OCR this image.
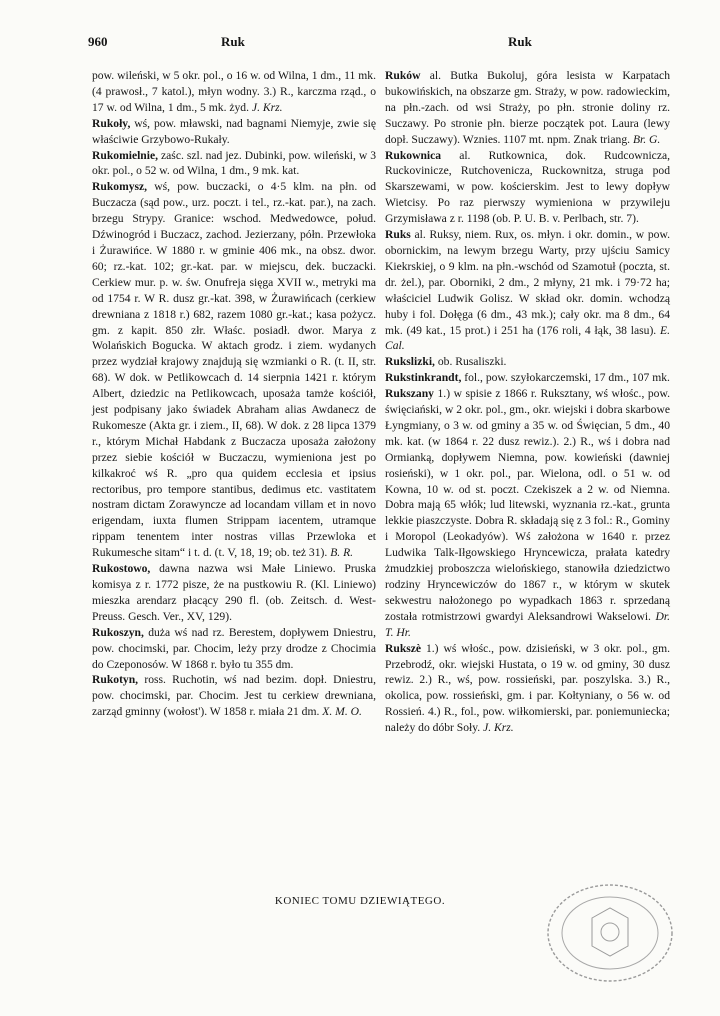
960	Ruk	Ruk

pow. wileński, w 5 okr. pol., o 16 w. od Wilna, 1 dm., 11 mk. (4 prawosł., 7 katol.), młyn wodny. 3.) R., karczma rząd., o 17 w. od Wilna, 1 dm., 5 mk. żyd. J. Krz.

Rukoły, wś, pow. mławski, nad bagnami Niemyje, zwie się właściwie Grzybowo-Rukały.

Rukomielnie, zaśc. szl. nad jez. Dubinki, pow. wileński, w 3 okr. pol., o 52 w. od Wilna, 1 dm., 9 mk. kat.

Rukomysz, wś, pow. buczacki, o 4·5 klm. na płn. od Buczacza (sąd pow., urz. poczt. i tel., rz.-kat. par.), na zach. brzegu Strypy. Granice: wschod. Medwedowce, połud. Dźwinogród i Buczacz, zachod. Jezierzany, półn. Przewłoka i Żurawińce. W 1880 r. w gminie 406 mk., na obsz. dwor. 60; rz.-kat. 102; gr.-kat. par. w miejscu, dek. buczacki. Cerkiew mur. p. w. św. Onufreja sięga XVII w., metryki ma od 1754 r. W R. dusz gr.-kat. 398, w Żurawińcach (cerkiew drewniana z 1818 r.) 682, razem 1080 gr.-kat.; kasa pożycz. gm. z kapit. 850 złr. Właśc. posiadł. dwor. Marya z Wolańskich Bogucka. W aktach grodz. i ziem. wydanych przez wydział krajowy znajdują się wzmianki o R. (t. II, str. 68). W dok. w Petlikowcach d. 14 sierpnia 1421 r. którym Albert, dziedzic na Petlikowcach, uposaża tamże kościół, jest podpisany jako świadek Abraham alias Awdanecz de Rukomesze (Akta gr. i ziem., II, 68). W dok. z 28 lipca 1379 r., którym Michał Habdank z Buczacza uposaża założony przez siebie kościół w Buczaczu, wymieniona jest po kilkakroć wś R. „pro qua quidem ecclesia et ipsius rectoribus, pro tempore stantibus, dedimus etc. vastitatem nostram dictam Zorawyncze ad locandam villam et in novo erigendam, iuxta flumen Strippam iacentem, utramque rippam tenentem inter nostras villas Przewloka et Rukumesche sitam“ i t. d. (t. V, 18, 19; ob. też 31). B. R.

Rukostowo, dawna nazwa wsi Małe Liniewo. Pruska komisya z r. 1772 pisze, że na pustkowiu R. (Kl. Liniewo) mieszka arendarz płacący 290 fl. (ob. Zeitsch. d. West-Preuss. Gesch. Ver., XV, 129).

Rukoszyn, duża wś nad rz. Berestem, dopływem Dniestru, pow. chocimski, par. Chocim, leży przy drodze z Chocimia do Czeponosów. W 1868 r. było tu 355 dm.

Rukotyn, ross. Ruchotin, wś nad bezim. dopł. Dniestru, pow. chocimski, par. Chocim. Jest tu cerkiew drewniana, zarząd gminny (wołost'). W 1858 r. miała 21 dm. X. M. O.

Ruków al. Butka Bukoluj, góra lesista w Karpatach bukowińskich, na obszarze gm. Straży, w pow. radowieckim, na płn.-zach. od wsi Straży, po płn. stronie doliny rz. Suczawy. Po stronie płn. bierze początek pot. Laura (lewy dopł. Suczawy). Wznies. 1107 mt. npm. Znak triang. Br. G.

Rukownica al. Rutkownica, dok. Rudcownicza, Ruckovinicze, Rutchovenicza, Ruckownitza, struga pod Skarszewami, w pow. kościerskim. Jest to lewy dopływ Wietcisy. Po raz pierwszy wymieniona w przywileju Grzymisława z r. 1198 (ob. P. U. B. v. Perlbach, str. 7).

Ruks al. Ruksy, niem. Rux, os. młyn. i okr. domin., w pow. obornickim, na lewym brzegu Warty, przy ujściu Samicy Kiekrskiej, o 9 klm. na płn.-wschód od Szamotuł (poczta, st. dr. żel.), par. Oborniki, 2 dm., 2 młyny, 21 mk. i 79·72 ha; właściciel Ludwik Golisz. W skład okr. domin. wchodzą huby i fol. Dołęga (6 dm., 43 mk.); cały okr. ma 8 dm., 64 mk. (49 kat., 15 prot.) i 251 ha (176 roli, 4 łąk, 38 lasu). E. Cal.

Rukslizki, ob. Rusaliszki.

Rukstinkrandt, fol., pow. szyłokarczemski, 17 dm., 107 mk.

Rukszany 1.) w spisie z 1866 r. Ruksztany, wś włośc., pow. święciański, w 2 okr. pol., gm., okr. wiejski i dobra skarbowe Łyngmiany, o 3 w. od gminy a 35 w. od Święcian, 5 dm., 40 mk. kat. (w 1864 r. 22 dusz rewiz.). 2.) R., wś i dobra nad Ormianką, dopływem Niemna, pow. kowieński (dawniej rosieński), w 1 okr. pol., par. Wielona, odl. o 51 w. od Kowna, 10 w. od st. poczt. Czekiszek a 2 w. od Niemna. Dobra mają 65 włók; lud litewski, wyznania rz.-kat., grunta lekkie piaszczyste. Dobra R. składają się z 3 fol.: R., Gominy i Moropol (Leokadyów). Wś założona w 1640 r. przez Ludwika Talk-Iłgowskiego Hryncewicza, prałata katedry żmudzkiej proboszcza wielońskiego, stanowiła dziedzictwo rodziny Hryncewiczów do 1867 r., w którym w skutek sekwestru nałożonego po wypadkach 1863 r. sprzedaną została rotmistrzowi gwardyi Aleksandrowi Wakselowi. Dr. T. Hr.

Rukszè 1.) wś włośc., pow. dzisieński, w 3 okr. pol., gm. Przebrodź, okr. wiejski Hustata, o 19 w. od gminy, 30 dusz rewiz. 2.) R., wś, pow. rossieński, par. poszylska. 3.) R., okolica, pow. rossieński, gm. i par. Kołtyniany, o 56 w. od Rossień. 4.) R., fol., pow. wiłkomierski, par. poniemuniecka; należy do dóbr Soły. J. Krz.

KONIEC TOMU DZIEWIĄTEGO.
